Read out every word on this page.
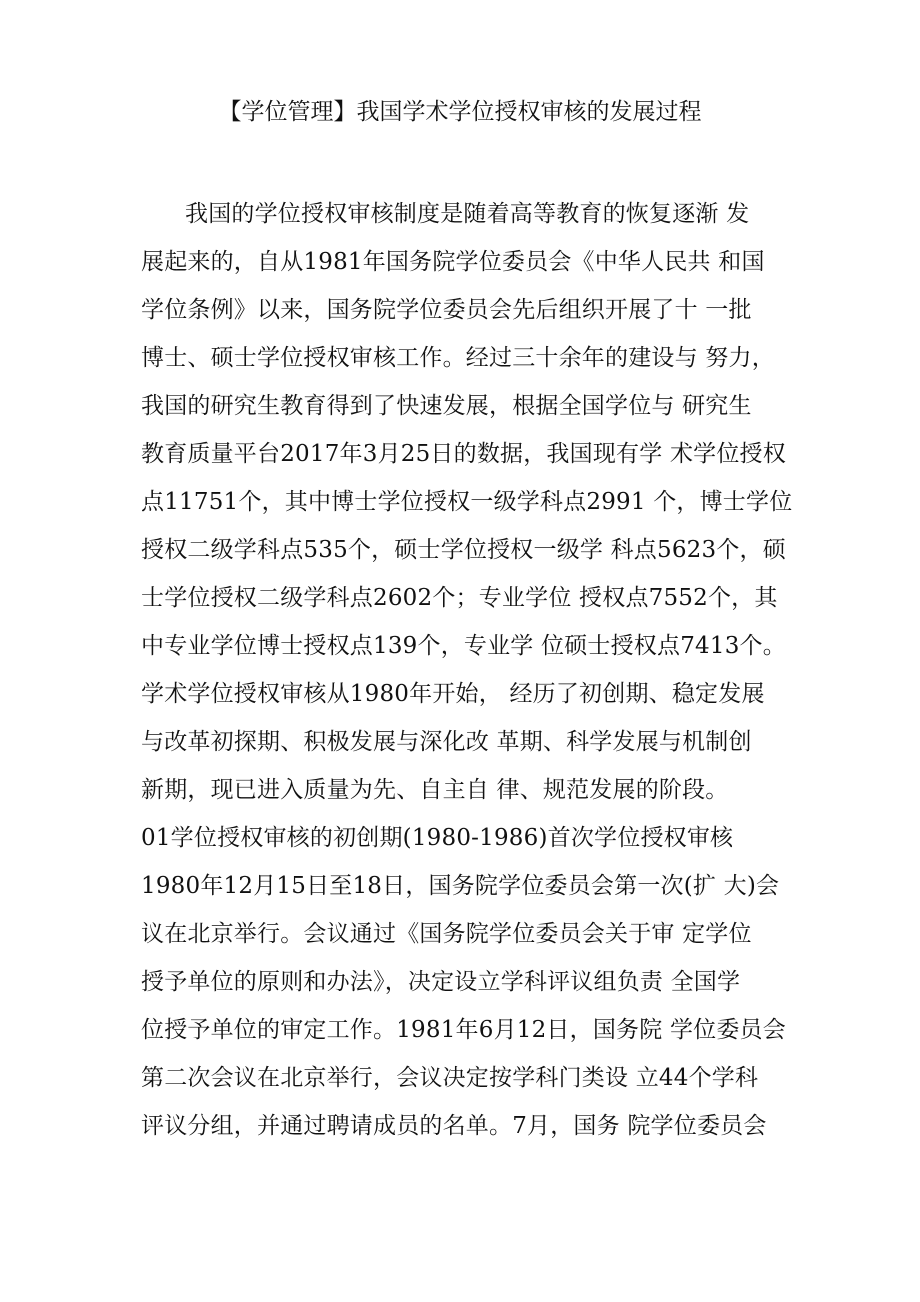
【学位管理】我国学术学位授权审核的发展过程
我国的学位授权审核制度是随着高等教育的恢复逐渐 发
展起来的，自从1981年国务院学位委员会《中华人民共 和国
学位条例》以来，国务院学位委员会先后组织开展了十 一批
博士、硕士学位授权审核工作。经过三十余年的建设与 努力，
我国的研究生教育得到了快速发展，根据全国学位与 研究生
教育质量平台2017年3月25日的数据，我国现有学 术学位授权
点11751个，其中博士学位授权一级学科点2991 个，博士学位
授权二级学科点535个，硕士学位授权一级学 科点5623个，硕
士学位授权二级学科点2602个；专业学位 授权点7552个，其
中专业学位博士授权点139个，专业学 位硕士授权点7413个。
学术学位授权审核从1980年开始， 经历了初创期、稳定发展
与改革初探期、积极发展与深化改 革期、科学发展与机制创
新期，现已进入质量为先、自主自 律、规范发展的阶段。
01学位授权审核的初创期(1980-1986)首次学位授权审核
1980年12月15日至18日，国务院学位委员会第一次(扩 大)会
议在北京举行。会议通过《国务院学位委员会关于审 定学位
授予单位的原则和办法》，决定设立学科评议组负责 全国学
位授予单位的审定工作。1981年6月12日，国务院 学位委员会
第二次会议在北京举行，会议决定按学科门类设 立44个学科
评议分组，并通过聘请成员的名单。7月，国务 院学位委员会
